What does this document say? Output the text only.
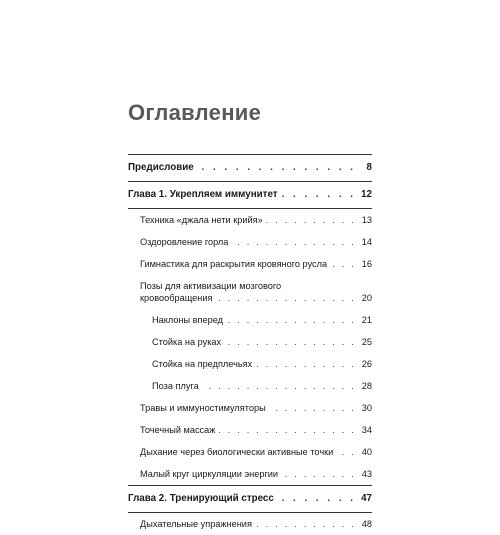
Оглавление
Предисловие . . .	8
Глава 1. Укрепляем иммунитет . . .	12
Техника «джала нети крийя» . . .	13
Оздоровление горла . . .	14
Гимнастика для раскрытия кровяного русла . . .	16
Позы для активизации мозгового
кровообращения . . .	20
Наклоны вперед . . .	21
Стойка на руках . . .	25
Стойка на предплечьях . . .	26
Поза плуга . . .	28
Травы и иммуностимуляторы . . .	30
Точечный массаж . . .	34
Дыхание через биологически активные точки . . .	40
Малый круг циркуляции энергии . . .	43
Глава 2. Тренирующий стресс . . .	47
Дыхательные упражнения . . .	48
